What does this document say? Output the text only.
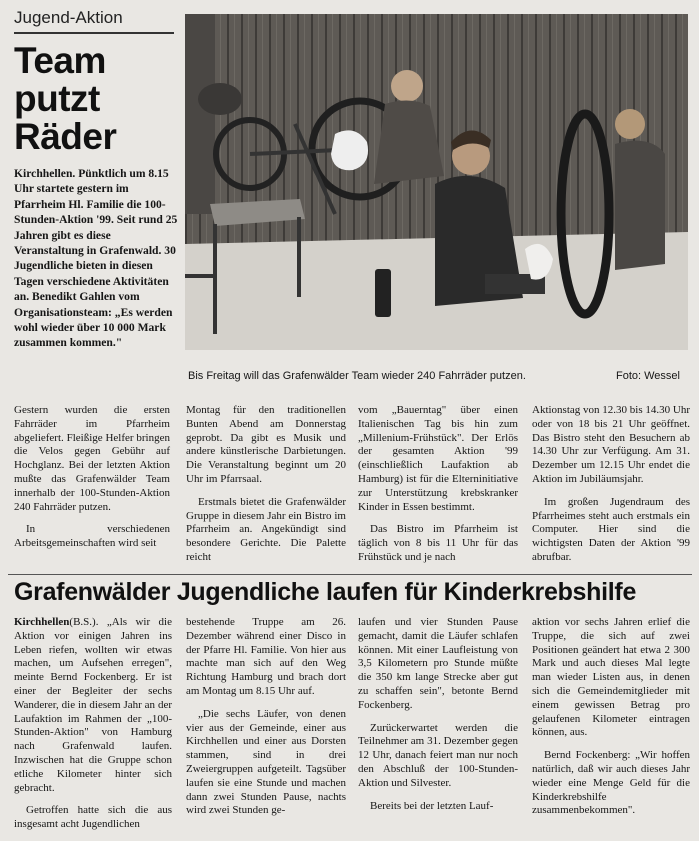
Jugend-Aktion
Team
putzt
Räder

Kirchhellen. Pünktlich um 8.15 Uhr startete gestern im Pfarrheim Hl. Familie die 100-Stunden-Aktion '99. Seit rund 25 Jahren gibt es diese Veranstaltung in Grafenwald. 30 Jugendliche bieten in diesen Tagen verschiedene Aktivitäten an. Benedikt Gahlen vom Organisationsteam: „Es werden wohl wieder über 10 000 Mark zusammen kommen."

Bis Freitag will das Grafenwälder Team wieder 240 Fahrräder putzen.	Foto: Wessel

Gestern wurden die ersten Fahrräder im Pfarrheim abgeliefert. Fleißige Helfer bringen die Velos gegen Gebühr auf Hochglanz. Bei der letzten Aktion mußte das Grafenwälder Team innerhalb der 100-Stunden-Aktion 240 Fahrräder putzen.

In verschiedenen Arbeitsgemeinschaften wird seit

Montag für den traditionellen Bunten Abend am Donnerstag geprobt. Da gibt es Musik und andere künstlerische Darbietungen. Die Veranstaltung beginnt um 20 Uhr im Pfarrsaal.

Erstmals bietet die Grafenwälder Gruppe in diesem Jahr ein Bistro im Pfarrheim an. Angekündigt sind besondere Gerichte. Die Palette reicht

vom „Bauerntag" über einen Italienischen Tag bis hin zum „Millenium-Frühstück". Der Erlös der gesamten Aktion '99 (einschließlich Laufaktion ab Hamburg) ist für die Elterninitiative zur Unterstützung krebskranker Kinder in Essen bestimmt.

Das Bistro im Pfarrheim ist täglich von 8 bis 11 Uhr für das Frühstück und je nach

Aktionstag von 12.30 bis 14.30 Uhr oder von 18 bis 21 Uhr geöffnet. Das Bistro steht den Besuchern ab 14.30 Uhr zur Verfügung. Am 31. Dezember um 12.15 Uhr endet die Aktion im Jubiläumsjahr.

Im großen Jugendraum des Pfarrheimes steht auch erstmals ein Computer. Hier sind die wichtigsten Daten der Aktion '99 abrufbar.

Grafenwälder Jugendliche laufen für Kinderkrebshilfe

Kirchhellen(B.S.). „Als wir die Aktion vor einigen Jahren ins Leben riefen, wollten wir etwas machen, um Aufsehen erregen", meinte Bernd Fockenberg. Er ist einer der Begleiter der sechs Wanderer, die in diesem Jahr an der Laufaktion im Rahmen der „100-Stunden-Aktion" von Hamburg nach Grafenwald laufen. Inzwischen hat die Gruppe schon etliche Kilometer hinter sich gebracht.

Getroffen hatte sich die aus insgesamt acht Jugendlichen

bestehende Truppe am 26. Dezember während einer Disco in der Pfarre Hl. Familie. Von hier aus machte man sich auf den Weg Richtung Hamburg und brach dort am Montag um 8.15 Uhr auf.

„Die sechs Läufer, von denen vier aus der Gemeinde, einer aus Kirchhellen und einer aus Dorsten stammen, sind in drei Zweiergruppen aufgeteilt. Tagsüber laufen sie eine Stunde und machen dann zwei Stunden Pause, nachts wird zwei Stunden ge-

laufen und vier Stunden Pause gemacht, damit die Läufer schlafen können. Mit einer Laufleistung von 3,5 Kilometern pro Stunde müßte die 350 km lange Strecke aber gut zu schaffen sein", betonte Bernd Fockenberg.

Zurückerwartet werden die Teilnehmer am 31. Dezember gegen 12 Uhr, danach feiert man nur noch den Abschluß der 100-Stunden-Aktion und Silvester.

Bereits bei der letzten Lauf-

aktion vor sechs Jahren erlief die Truppe, die sich auf zwei Positionen geändert hat etwa 2 300 Mark und auch dieses Mal legte man wieder Listen aus, in denen sich die Gemeindemitglieder mit einem gewissen Betrag pro gelaufenen Kilometer eintragen können, aus.

Bernd Fockenberg: „Wir hoffen natürlich, daß wir auch dieses Jahr wieder eine Menge Geld für die Kinderkrebshilfe zusammenbekommen".
